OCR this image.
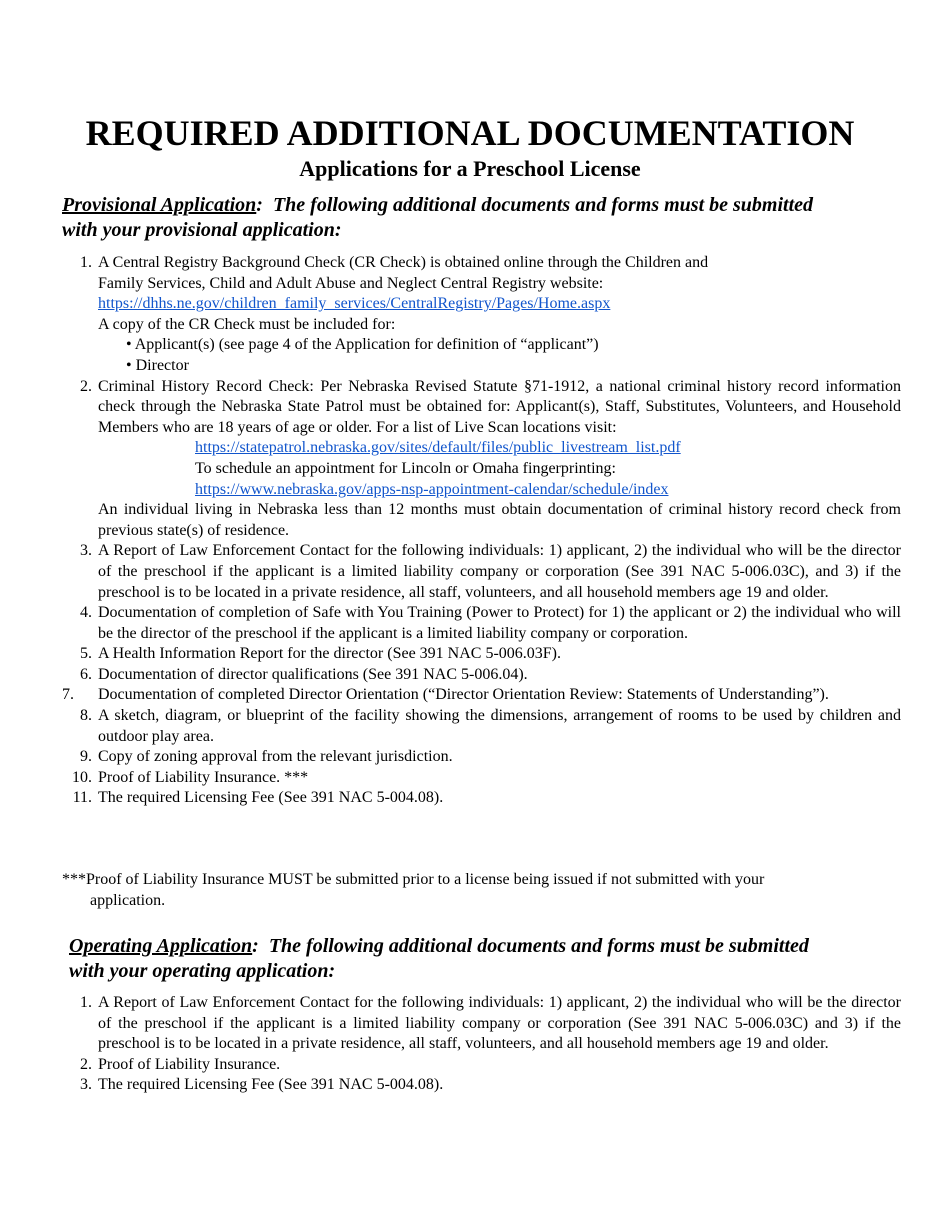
REQUIRED ADDITIONAL DOCUMENTATION
Applications for a Preschool License
Provisional Application:  The following additional documents and forms must be submitted
with your provisional application:
1. A Central Registry Background Check (CR Check) is obtained online through the Children and
Family Services, Child and Adult Abuse and Neglect Central Registry website:
https://dhhs.ne.gov/children_family_services/CentralRegistry/Pages/Home.aspx
A copy of the CR Check must be included for:
• Applicant(s) (see page 4 of the Application for definition of “applicant”)
• Director
2. Criminal History Record Check: Per Nebraska Revised Statute §71-1912, a national criminal history record information check through the Nebraska State Patrol must be obtained for: Applicant(s), Staff, Substitutes, Volunteers, and Household Members who are 18 years of age or older. For a list of Live Scan locations visit:
https://statepatrol.nebraska.gov/sites/default/files/public_livestream_list.pdf
To schedule an appointment for Lincoln or Omaha fingerprinting:
https://www.nebraska.gov/apps-nsp-appointment-calendar/schedule/index
An individual living in Nebraska less than 12 months must obtain documentation of criminal history record check from previous state(s) of residence.
3. A Report of Law Enforcement Contact for the following individuals: 1) applicant, 2) the individual who will be the director of the preschool if the applicant is a limited liability company or corporation (See 391 NAC 5-006.03C), and 3) if the preschool is to be located in a private residence, all staff, volunteers, and all household members age 19 and older.
4. Documentation of completion of Safe with You Training (Power to Protect) for 1) the applicant or 2) the individual who will be the director of the preschool if the applicant is a limited liability company or corporation.
5. A Health Information Report for the director (See 391 NAC 5-006.03F).
6. Documentation of director qualifications (See 391 NAC 5-006.04).
7.	Documentation of completed Director Orientation (“Director Orientation Review: Statements of Understanding”).
8. A sketch, diagram, or blueprint of the facility showing the dimensions, arrangement of rooms to be used by children and outdoor play area.
9. Copy of zoning approval from the relevant jurisdiction.
10. Proof of Liability Insurance. ***
11. The required Licensing Fee (See 391 NAC 5-004.08).
***Proof of Liability Insurance MUST be submitted prior to a license being issued if not submitted with your
application.
Operating Application:  The following additional documents and forms must be submitted
with your operating application:
1. A Report of Law Enforcement Contact for the following individuals: 1) applicant, 2) the individual who will be the director of the preschool if the applicant is a limited liability company or corporation (See 391 NAC 5-006.03C) and 3) if the preschool is to be located in a private residence, all staff, volunteers, and all household members age 19 and older.
2. Proof of Liability Insurance.
3. The required Licensing Fee (See 391 NAC 5-004.08).
